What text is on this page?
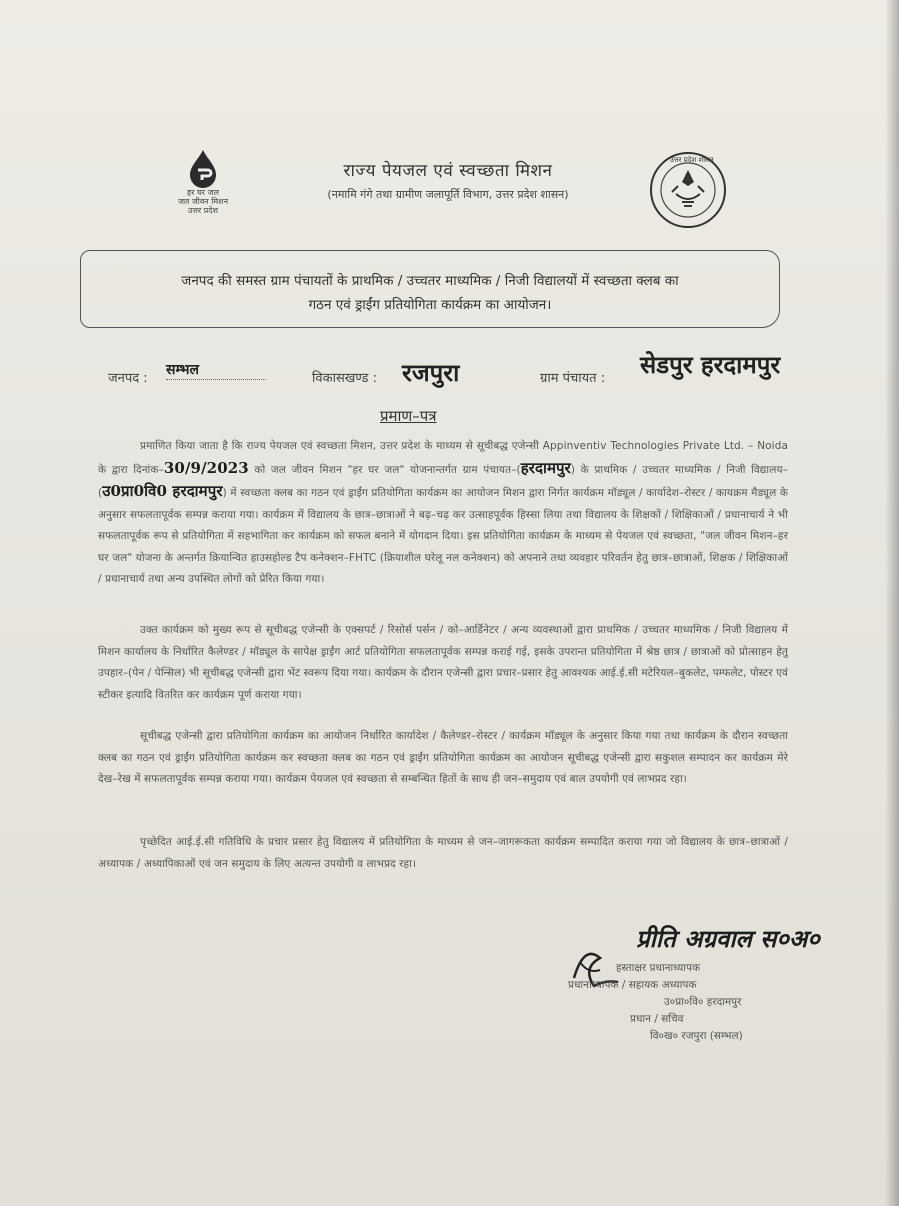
हर घर जल
जल जीवन मिशन
उत्तर प्रदेश
राज्य पेयजल एवं स्वच्छता मिशन
(नमामि गंगे तथा ग्रामीण जलापूर्ति विभाग, उत्तर प्रदेश शासन)
उत्तर प्रदेश शासन
जनपद की समस्त ग्राम पंचायतों के प्राथमिक / उच्चतर माध्यमिक / निजी विद्यालयों में स्वच्छता क्लब का
गठन एवं ड्राईंग प्रतियोगिता कार्यक्रम का आयोजन।
जनपद :
सम्भल
विकासखण्ड : रजपुरा	ग्राम पंचायत : सेडपुर हरदामपुर
प्रमाण–पत्र
प्रमाणित किया जाता है कि राज्य पेयजल एवं स्वच्छता मिशन, उत्तर प्रदेश के माध्यम से सूचीबद्ध एजेन्सी Appinventiv Technologies Private Ltd. – Noida के द्वारा दिनांक–30/9/2023 को जल जीवन मिशन "हर घर जल" योजनान्तर्गत ग्राम पंचायत–(हरदामपुर) के प्राथमिक / उच्चतर माध्यमिक / निजी विद्यालय–(उ0प्रा0वि0 हरदामपुर) में स्वच्छता क्लब का गठन एवं ड्राईंग प्रतियोगिता कार्यक्रम का आयोजन मिशन द्वारा निर्गत कार्यक्रम मॉड्यूल / कार्यादेश–रोस्टर / कायक्रम मैड्यूल के अनुसार सफलतापूर्वक सम्पन्न कराया गया। कार्यक्रम में विद्यालय के छात्र–छात्राओं ने बढ़–चढ़ कर उत्साहपूर्वक हिस्सा लिया तथा विद्यालय के शिक्षकों / शिक्षिकाओं / प्रधानाचार्य ने भी सफलतापूर्वक रूप से प्रतियोगिता में सहभागिता कर कार्यक्रम को सफल बनाने में योगदान दिया। इस प्रतियोगिता कार्यक्रम के माध्यम से पेयजल एवं स्वच्छता, "जल जीवन मिशन–हर घर जल" योजना के अन्तर्गत क्रियान्वित हाउसहोल्ड टैप कनेक्शन–FHTC (क्रियाशील घरेलू नल कनेक्शन) को अपनाने तथा व्यवहार परिवर्तन हेतु छात्र–छात्राओं, शिक्षक / शिक्षिकाओं / प्रधानाचार्य तथा अन्य उपस्थित लोगों को प्रेरित किया गया।
उक्त कार्यक्रम को मुख्य रूप से सूचीबद्ध एजेन्सी के एक्सपर्ट / रिसोर्स पर्सन / को–आर्डिनेटर / अन्य व्यवस्थाओं द्वारा प्राथमिक / उच्चतर माध्यमिक / निजी विद्यालय में मिशन कार्यालय के निर्धारित कैलेण्डर / मॉड्यूल के सापेक्ष ड्राईंग आर्ट प्रतियोगिता सफलतापूर्वक सम्पन्न कराई गई, इसके उपरान्त प्रतियोगिता में श्रेष्ठ छात्र / छात्राओं को प्रोत्साहन हेतु उपहार–(पेन / पेन्सिल) भी सूचीबद्ध एजेन्सी द्वारा भेंट स्वरूप दिया गया। कार्यक्रम के दौरान एजेन्सी द्वारा प्रचार–प्रसार हेतु आवश्यक आई.ई.सी मटेरियल–बुकलेट, पम्फलेट, पोस्टर एवं स्टीकर इत्यादि वितरित कर कार्यक्रम पूर्ण कराया गया।
सूचीबद्ध एजेन्सी द्वारा प्रतियोगिता कार्यक्रम का आयोजन निर्धारित कार्यादेश / कैलेण्डर–रोस्टर / कार्यक्रम मॉड्यूल के अनुसार किया गया तथा कार्यक्रम के दौरान स्वच्छता क्लब का गठन एवं ड्राईंग प्रतियोगिता कार्यक्रम कर स्वच्छता क्लब का गठन एवं ड्राईंग प्रतियोगिता कार्यक्रम का आयोजन सूचीबद्ध एजेन्सी द्वारा सकुशल सम्पादन कर कार्यक्रम मेरे देख–रेख में सफलतापूर्वक सम्पन्न कराया गया। कार्यक्रम पेयजल एवं स्वच्छता से सम्बन्धित हितों के साथ ही जन–समुदाय एवं बाल उपयोगी एवं लाभप्रद रहा।
पृच्छेदित आई.ई.सी गतिविधि के प्रचार प्रसार हेतु विद्यालय में प्रतियोगिता के माध्यम से जन–जागरूकता कार्यक्रम सम्पादित कराया गया जो विद्यालय के छात्र–छात्राओं / अध्यापक / अध्यापिकाओं एवं जन समुदाय के लिए अत्यन्त उपयोगी व लाभप्रद रहा।
प्रीति अग्रवाल स०अ०
हस्ताक्षर प्रधानाध्यापक
प्रधानाध्यापक / सहायक अध्यापक
उ०प्रा०वि० हरदामपुर
प्रधान / सचिव
वि०ख० रजपुरा (सम्भल)
